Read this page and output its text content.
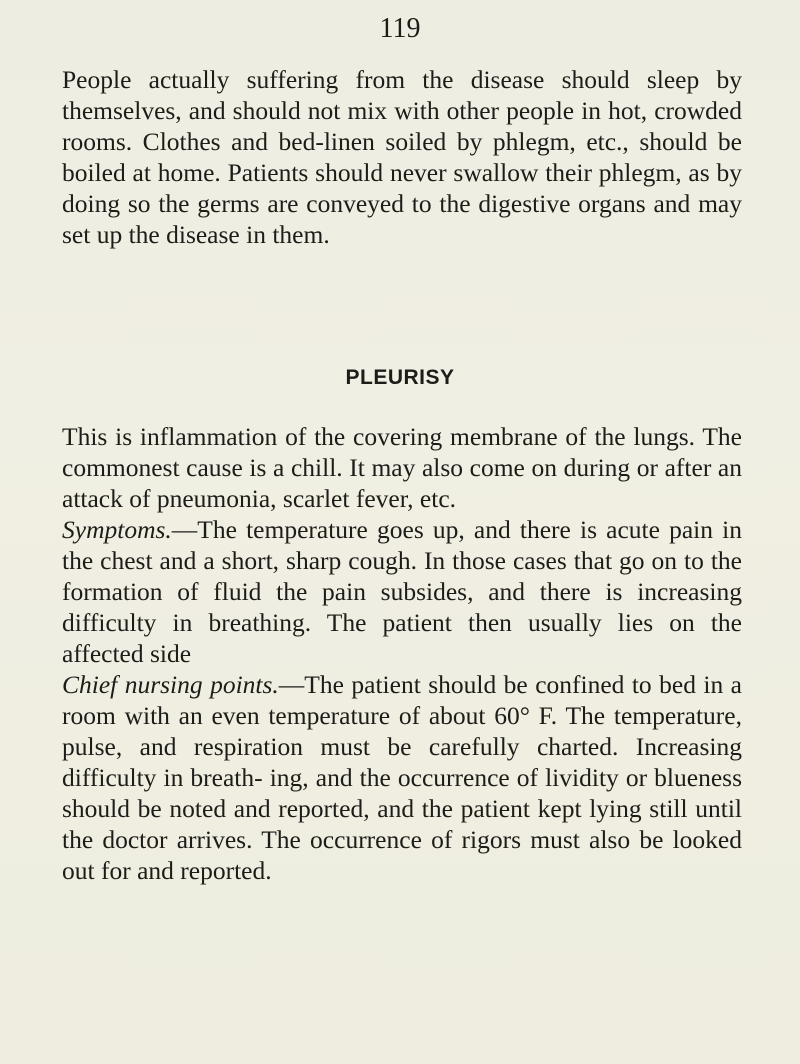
119

People actually suffering from the disease should sleep by themselves, and should not mix with other people in hot, crowded rooms. Clothes and bed-linen soiled by phlegm, etc., should be boiled at home. Patients should never swallow their phlegm, as by doing so the germs are conveyed to the digestive organs and may set up the disease in them.

PLEURISY

This is inflammation of the covering membrane of the lungs. The commonest cause is a chill. It may also come on during or after an attack of pneumonia, scarlet fever, etc.

Symptoms.—The temperature goes up, and there is acute pain in the chest and a short, sharp cough. In those cases that go on to the formation of fluid the pain subsides, and there is increasing difficulty in breathing. The patient then usually lies on the affected side

Chief nursing points.—The patient should be confined to bed in a room with an even temperature of about 60° F. The temperature, pulse, and respiration must be carefully charted. Increasing difficulty in breath- ing, and the occurrence of lividity or blueness should be noted and reported, and the patient kept lying still until the doctor arrives. The occurrence of rigors must also be looked out for and reported.
